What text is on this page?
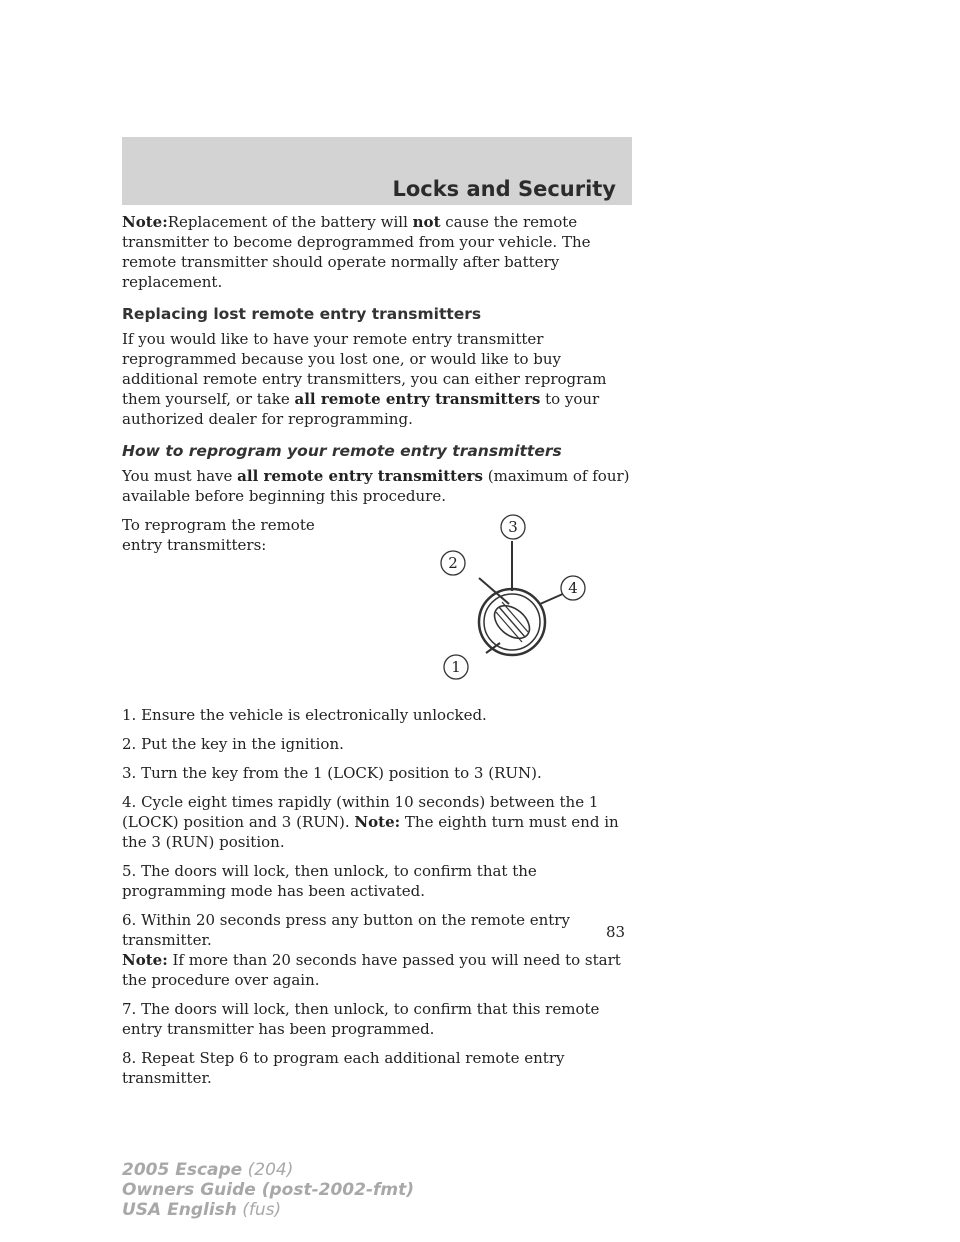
Locks and Security

Note:Replacement of the battery will not cause the remote transmitter to become deprogrammed from your vehicle. The remote transmitter should operate normally after battery replacement.

Replacing lost remote entry transmitters

If you would like to have your remote entry transmitter reprogrammed because you lost one, or would like to buy additional remote entry transmitters, you can either reprogram them yourself, or take all remote entry transmitters to your authorized dealer for reprogramming.

How to reprogram your remote entry transmitters

You must have all remote entry transmitters (maximum of four) available before beginning this procedure.

To reprogram the remote entry transmitters:

3
2
4
1

1. Ensure the vehicle is electronically unlocked.

2. Put the key in the ignition.

3. Turn the key from the 1 (LOCK) position to 3 (RUN).

4. Cycle eight times rapidly (within 10 seconds) between the 1 (LOCK) position and 3 (RUN). Note: The eighth turn must end in the 3 (RUN) position.

5. The doors will lock, then unlock, to confirm that the programming mode has been activated.

6. Within 20 seconds press any button on the remote entry transmitter.
Note: If more than 20 seconds have passed you will need to start the procedure over again.

7. The doors will lock, then unlock, to confirm that this remote entry transmitter has been programmed.

8. Repeat Step 6 to program each additional remote entry transmitter.

83
2005 Escape (204)
Owners Guide (post-2002-fmt)
USA English (fus)
